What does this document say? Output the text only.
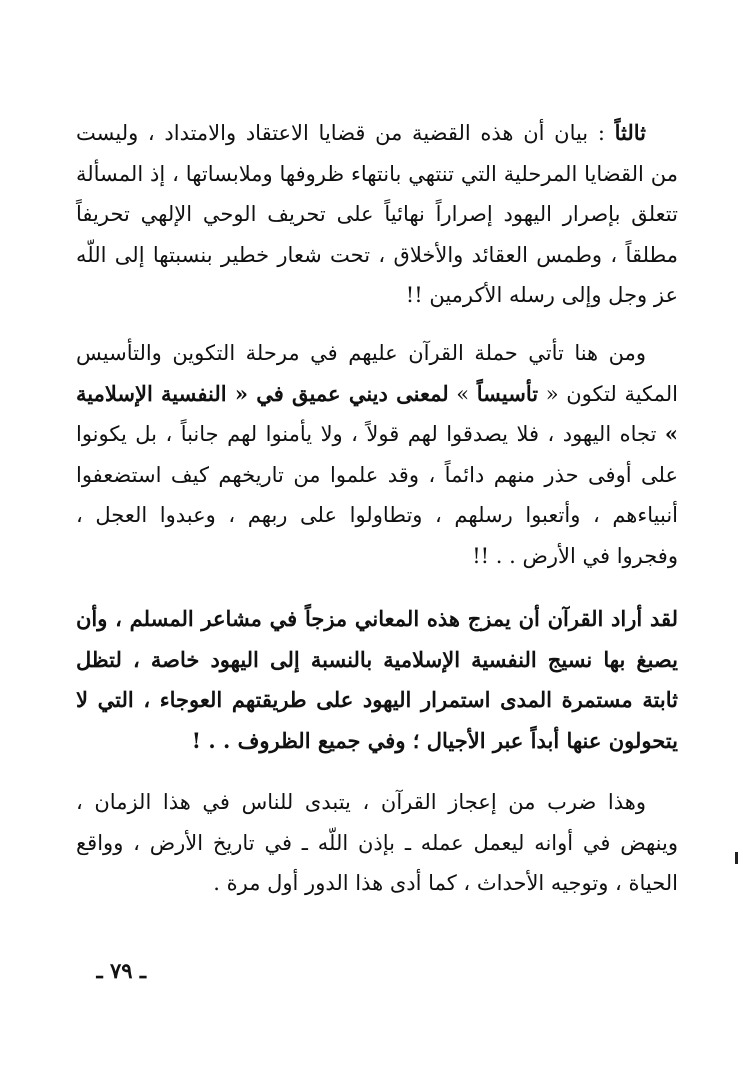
ثالثاً : بيان أن هذه القضية من قضايا الاعتقاد والامتداد ، وليست من القضايا المرحلية التي تنتهي بانتهاء ظروفها وملابساتها ، إذ المسألة تتعلق بإصرار اليهود إصراراً نهائياً على تحريف الوحي الإلهي تحريفاً مطلقاً ، وطمس العقائد والأخلاق ، تحت شعار خطير بنسبتها إلى اللّه عز وجل وإلى رسله الأكرمين !!

ومن هنا تأتي حملة القرآن عليهم في مرحلة التكوين والتأسيس المكية لتكون « تأسيساً » لمعنى ديني عميق في « النفسية الإسلامية » تجاه اليهود ، فلا يصدقوا لهم قولاً ، ولا يأمنوا لهم جانباً ، بل يكونوا على أوفى حذر منهم دائماً ، وقد علموا من تاريخهم كيف استضعفوا أنبياءهم ، وأتعبوا رسلهم ، وتطاولوا على ربهم ، وعبدوا العجل ، وفجروا في الأرض . . !!

لقد أراد القرآن أن يمزج هذه المعاني مزجاً في مشاعر المسلم ، وأن يصبغ بها نسيج النفسية الإسلامية بالنسبة إلى اليهود خاصة ، لتظل ثابتة مستمرة المدى استمرار اليهود على طريقتهم العوجاء ، التي لا يتحولون عنها أبداً عبر الأجيال ؛ وفي جميع الظروف . . !

وهذا ضرب من إعجاز القرآن ، يتبدى للناس في هذا الزمان ، وينهض في أوانه ليعمل عمله ـ بإذن اللّه ـ في تاريخ الأرض ، وواقع الحياة ، وتوجيه الأحداث ، كما أدى هذا الدور أول مرة .

ـ ٧٩ ـ
